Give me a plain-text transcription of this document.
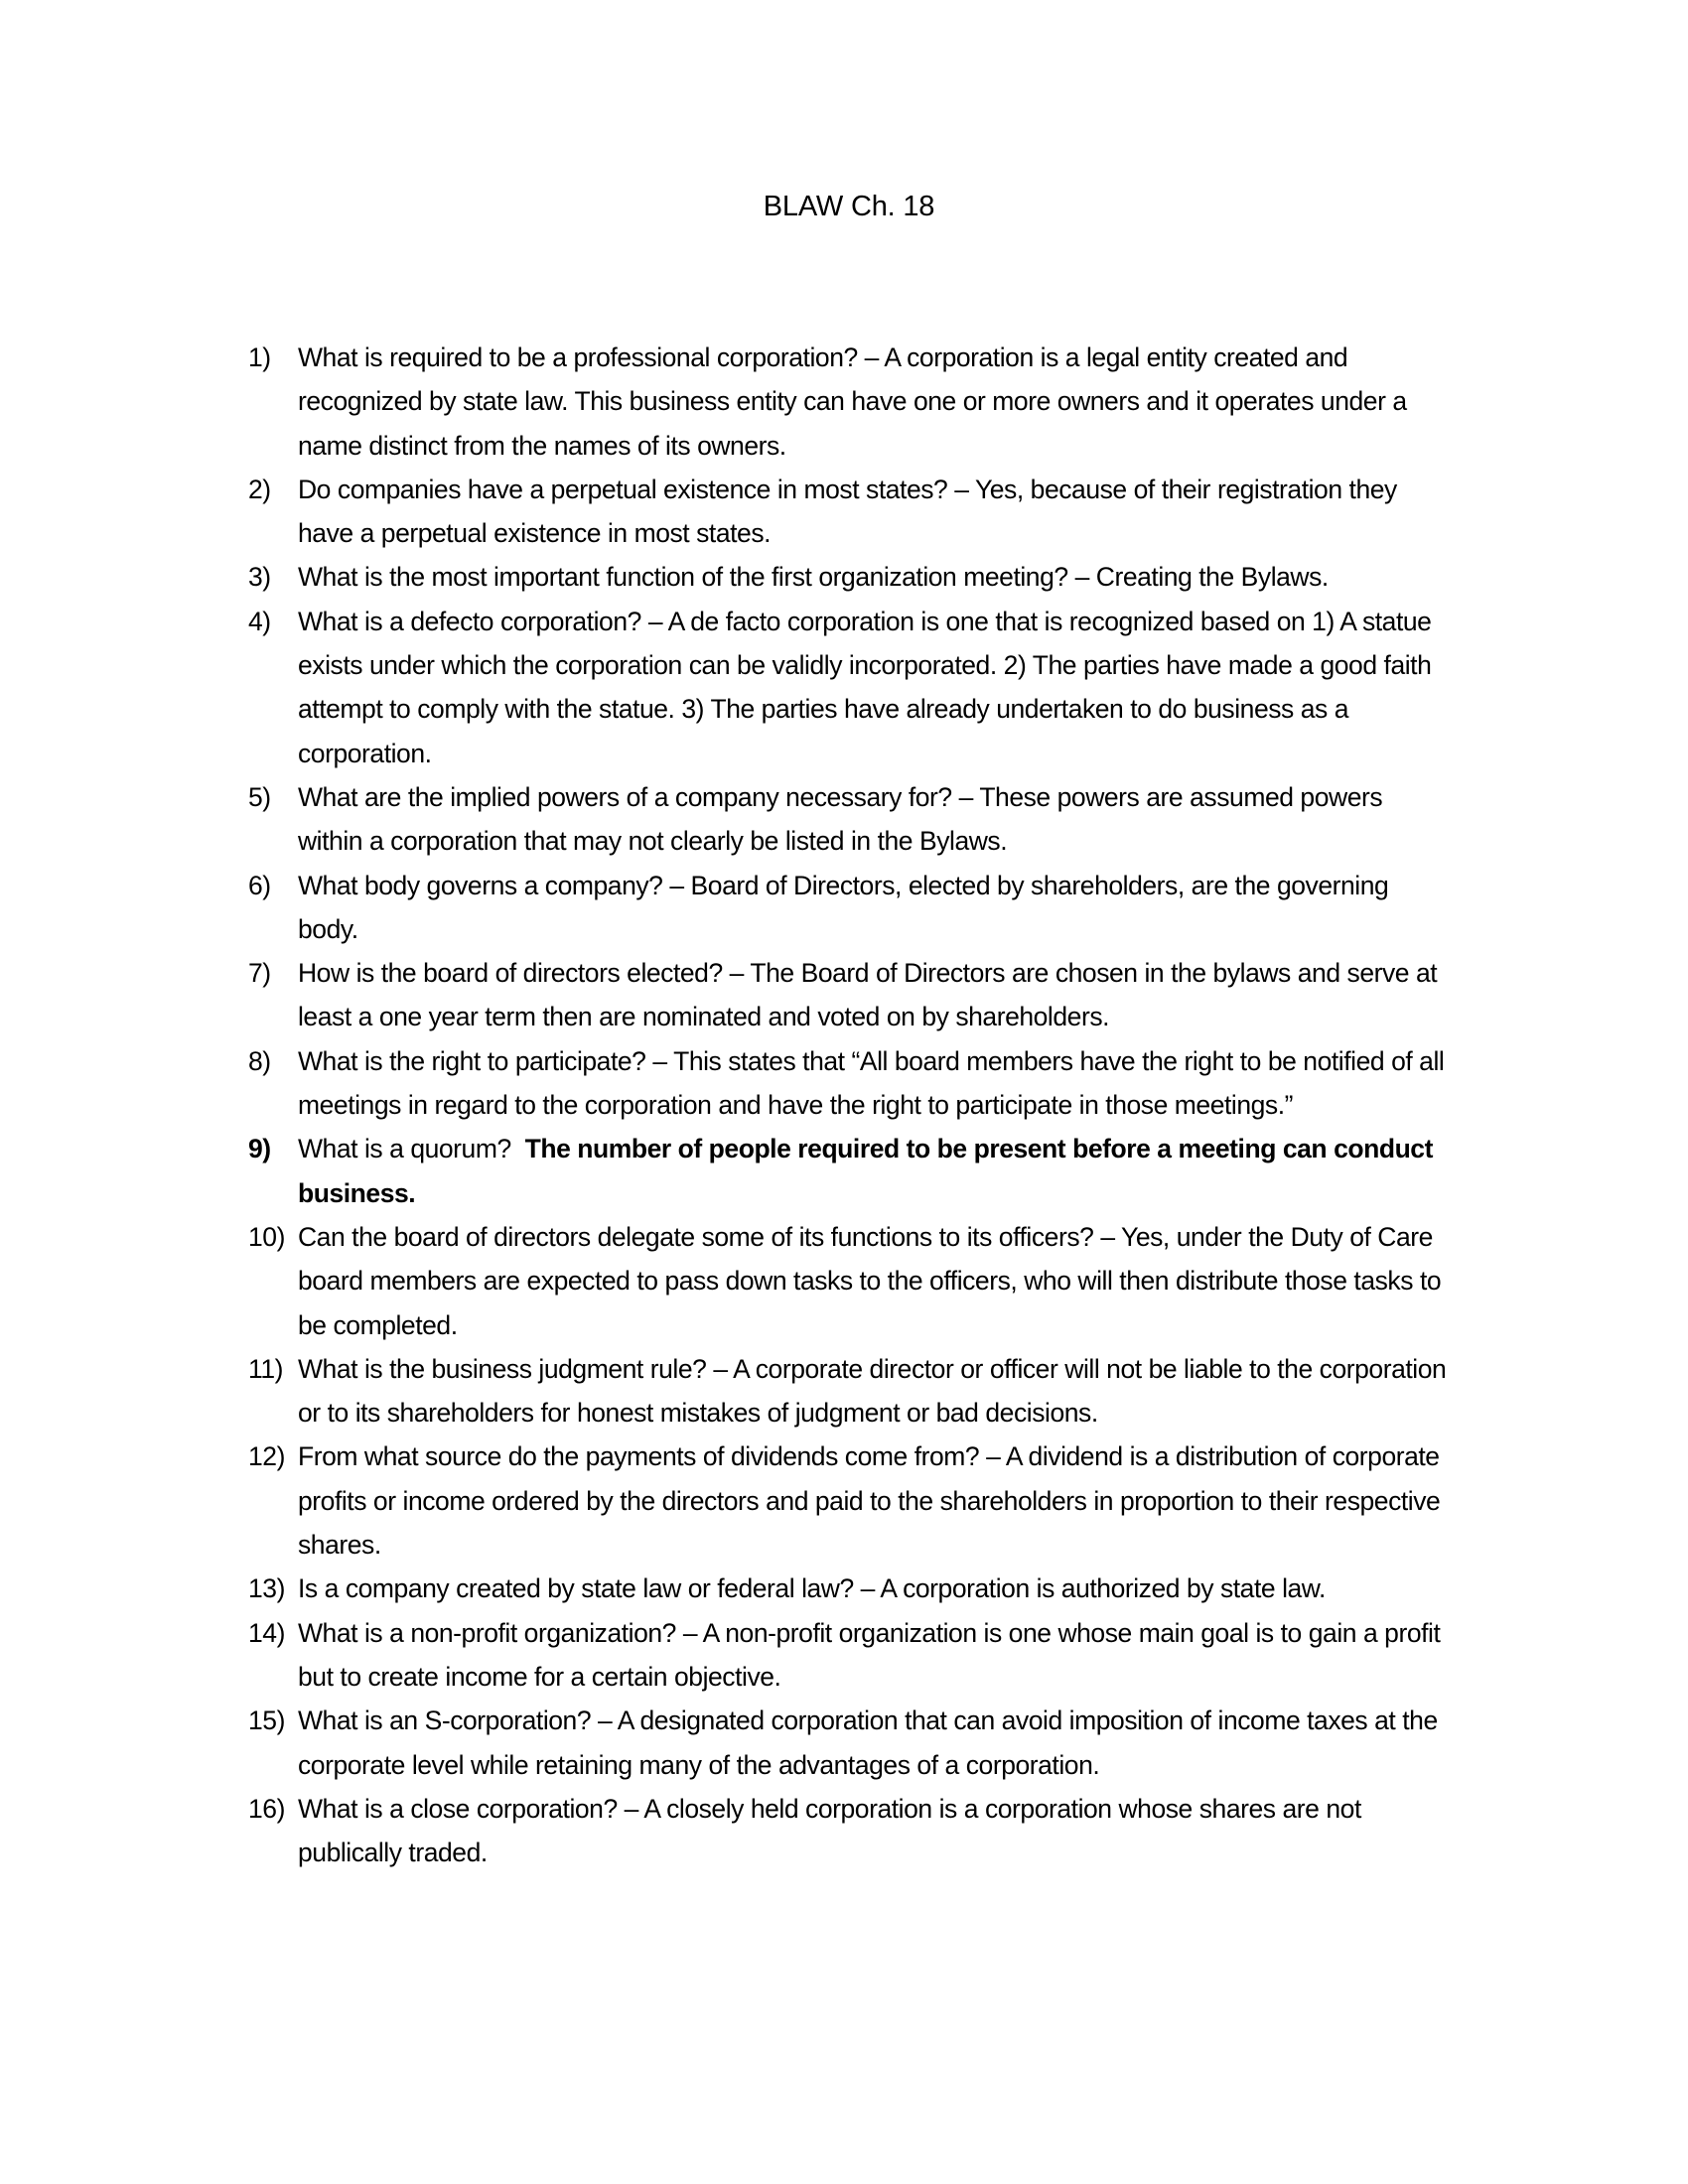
BLAW Ch. 18
1)	What is required to be a professional corporation? – A corporation is a legal entity created and recognized by state law. This business entity can have one or more owners and it operates under a name distinct from the names of its owners.
2)	Do companies have a perpetual existence in most states? – Yes, because of their registration they have a perpetual existence in most states.
3)	What is the most important function of the first organization meeting? – Creating the Bylaws.
4)	What is a defecto corporation? – A de facto corporation is one that is recognized based on 1) A statue exists under which the corporation can be validly incorporated. 2) The parties have made a good faith attempt to comply with the statue. 3) The parties have already undertaken to do business as a corporation.
5)	What are the implied powers of a company necessary for? – These powers are assumed powers within a corporation that may not clearly be listed in the Bylaws.
6)	What body governs a company? – Board of Directors, elected by shareholders, are the governing body.
7)	How is the board of directors elected? – The Board of Directors are chosen in the bylaws and serve at least a one year term then are nominated and voted on by shareholders.
8)	What is the right to participate? – This states that “All board members have the right to be notified of all meetings in regard to the corporation and have the right to participate in those meetings.”
9)	What is a quorum?  The number of people required to be present before a meeting can conduct business.
10) Can the board of directors delegate some of its functions to its officers? – Yes, under the Duty of Care board members are expected to pass down tasks to the officers, who will then distribute those tasks to be completed.
11) What is the business judgment rule? – A corporate director or officer will not be liable to the corporation or to its shareholders for honest mistakes of judgment or bad decisions.
12) From what source do the payments of dividends come from? – A dividend is a distribution of corporate profits or income ordered by the directors and paid to the shareholders in proportion to their respective shares.
13) Is a company created by state law or federal law? – A corporation is authorized by state law.
14) What is a non-profit organization? – A non-profit organization is one whose main goal is to gain a profit but to create income for a certain objective.
15) What is an S-corporation? – A designated corporation that can avoid imposition of income taxes at the corporate level while retaining many of the advantages of a corporation.
16) What is a close corporation? – A closely held corporation is a corporation whose shares are not publically traded.
